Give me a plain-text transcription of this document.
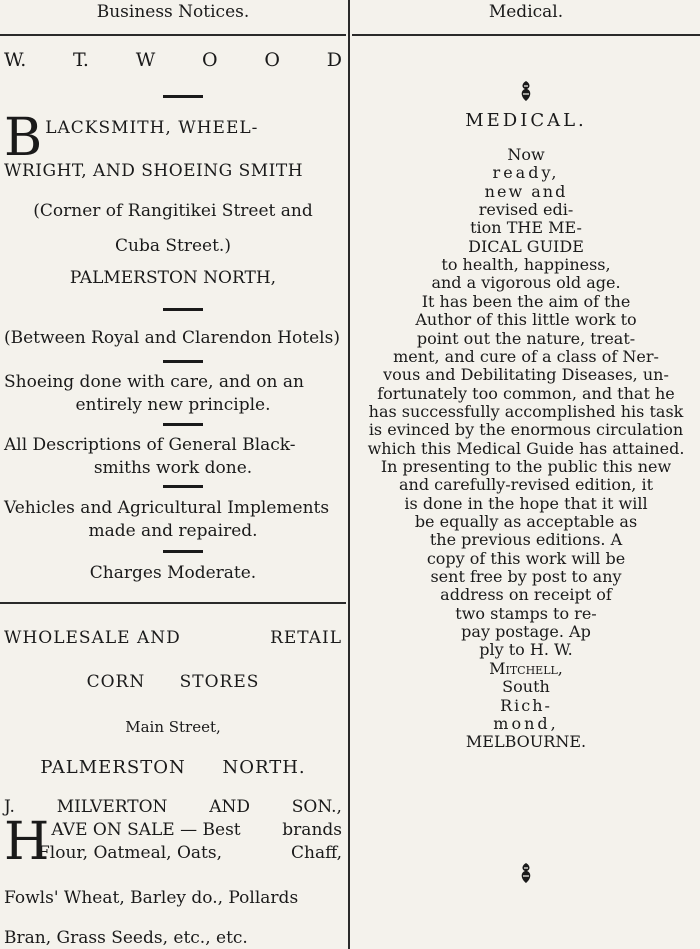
Business Notices.
W. T. W O O D
B LACKSMITH, WHEEL-
WRIGHT, AND SHOEING SMITH
(Corner of Rangitikei Street and
Cuba Street.)
PALMERSTON NORTH,
(Between Royal and Clarendon Hotels)
Shoeing done with care, and on an
entirely new principle.
All Descriptions of General Black-
smiths work done.
Vehicles and Agricultural Implements
made and repaired.
Charges Moderate.
WHOLESALE AND	RETAIL
CORN STORES
Main Street,
PALMERSTON NORTH.
J. MILVERTON AND SON.,
H AVE ON SALE — Best brands
Flour, Oatmeal, Oats,	Chaff,
Fowls' Wheat, Barley do., Pollards
Bran, Grass Seeds, etc., etc.
Medical.
MEDICAL.
Now
ready,
new and
revised edi-
tion THE ME-
DICAL GUIDE
to health, happiness,
and a vigorous old age.
It has been the aim of the
Author of this little work to
point out the nature, treat-
ment, and cure of a class of Ner-
vous and Debilitating Diseases, un-
fortunately too common, and that he
has successfully accomplished his task
is evinced by the enormous circulation
which this Medical Guide has attained.
In presenting to the public this new
and carefully-revised edition, it
is done in the hope that it will
be equally as acceptable as
the previous editions. A
copy of this work will be
sent free by post to any
address on receipt of
two stamps to re-
pay postage. Ap
ply to H. W.
Mitchell,
South
Rich-
mond,
MELBOURNE.
